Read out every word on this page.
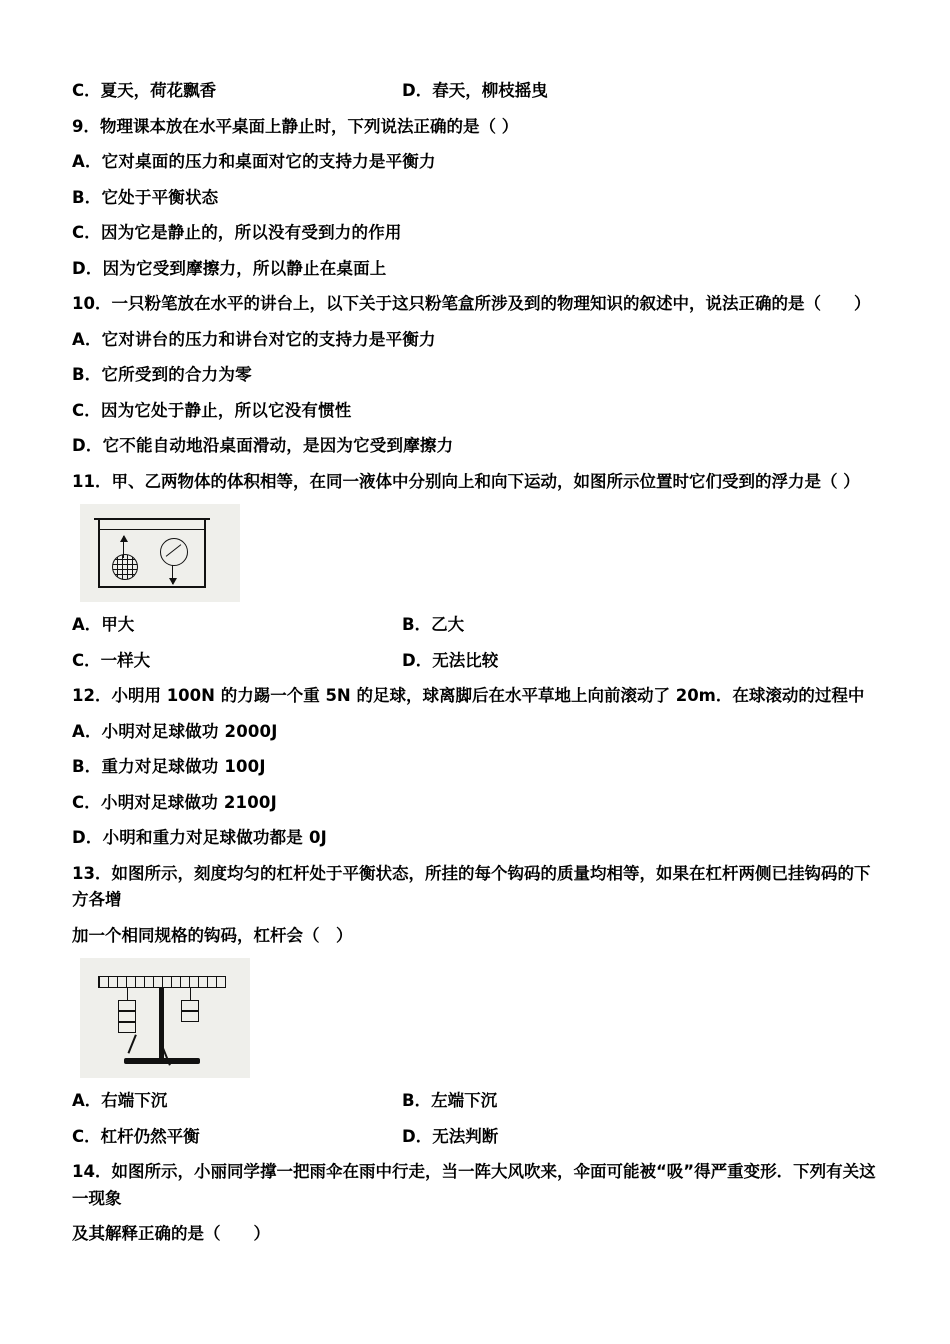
C．夏天，荷花飘香	D．春天，柳枝摇曳
9．物理课本放在水平桌面上静止时，下列说法正确的是（ ）
A．它对桌面的压力和桌面对它的支持力是平衡力
B．它处于平衡状态
C．因为它是静止的，所以没有受到力的作用
D．因为它受到摩擦力，所以静止在桌面上
10．一只粉笔放在水平的讲台上，以下关于这只粉笔盒所涉及到的物理知识的叙述中，说法正确的是（　　）
A．它对讲台的压力和讲台对它的支持力是平衡力
B．它所受到的合力为零
C．因为它处于静止，所以它没有惯性
D．它不能自动地沿桌面滑动，是因为它受到摩擦力
11．甲、乙两物体的体积相等，在同一液体中分别向上和向下运动，如图所示位置时它们受到的浮力是（ ）
A．甲大	B．乙大
C．一样大	D．无法比较
12．小明用 100N 的力踢一个重 5N 的足球，球离脚后在水平草地上向前滚动了 20m．在球滚动的过程中
A．小明对足球做功 2000J
B．重力对足球做功 100J
C．小明对足球做功 2100J
D．小明和重力对足球做功都是 0J
13．如图所示，刻度均匀的杠杆处于平衡状态，所挂的每个钩码的质量均相等，如果在杠杆两侧已挂钩码的下方各增
加一个相同规格的钩码，杠杆会（　）
A．右端下沉	B．左端下沉
C．杠杆仍然平衡	D．无法判断
14．如图所示，小丽同学撑一把雨伞在雨中行走，当一阵大风吹来，伞面可能被“吸”得严重变形．下列有关这一现象
及其解释正确的是（　　）
